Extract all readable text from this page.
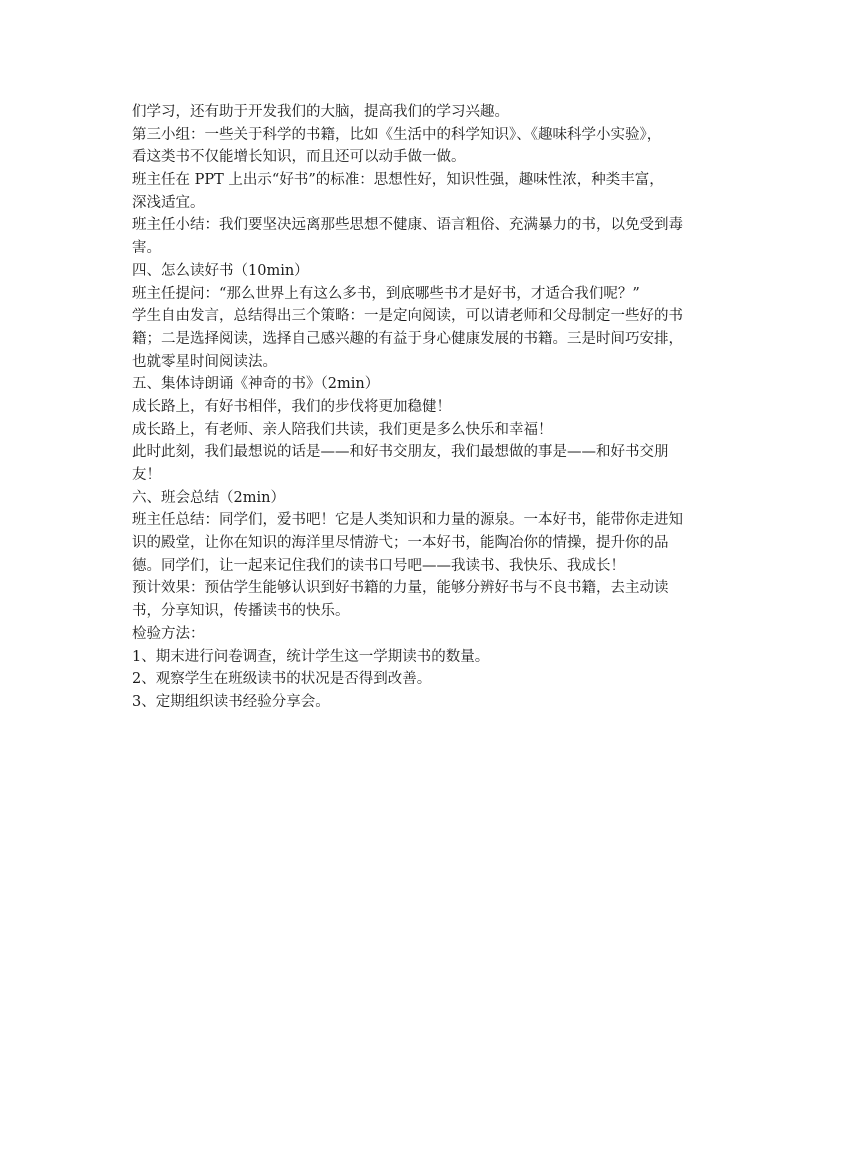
们学习，还有助于开发我们的大脑，提高我们的学习兴趣。
第三小组：一些关于科学的书籍，比如《生活中的科学知识》、《趣味科学小实验》，
看这类书不仅能增长知识，而且还可以动手做一做。
班主任在 PPT 上出示“好书”的标准：思想性好，知识性强，趣味性浓，种类丰富，
深浅适宜。
班主任小结：我们要坚决远离那些思想不健康、语言粗俗、充满暴力的书，以免受到毒
害。
四、怎么读好书（10min）
班主任提问：“那么世界上有这么多书，到底哪些书才是好书，才适合我们呢？”
学生自由发言，总结得出三个策略：一是定向阅读，可以请老师和父母制定一些好的书
籍；二是选择阅读，选择自己感兴趣的有益于身心健康发展的书籍。三是时间巧安排，
也就零星时间阅读法。
五、集体诗朗诵《神奇的书》（2min）
成长路上，有好书相伴，我们的步伐将更加稳健！
成长路上，有老师、亲人陪我们共读，我们更是多么快乐和幸福！
此时此刻，我们最想说的话是——和好书交朋友，我们最想做的事是——和好书交朋
友！
六、班会总结（2min）
班主任总结：同学们，爱书吧！它是人类知识和力量的源泉。一本好书，能带你走进知
识的殿堂，让你在知识的海洋里尽情游弋；一本好书，能陶冶你的情操，提升你的品
德。同学们，让一起来记住我们的读书口号吧——我读书、我快乐、我成长！
预计效果：预估学生能够认识到好书籍的力量，能够分辨好书与不良书籍，去主动读
书，分享知识，传播读书的快乐。
检验方法：
1、期末进行问卷调查，统计学生这一学期读书的数量。
2、观察学生在班级读书的状况是否得到改善。
3、定期组织读书经验分享会。
